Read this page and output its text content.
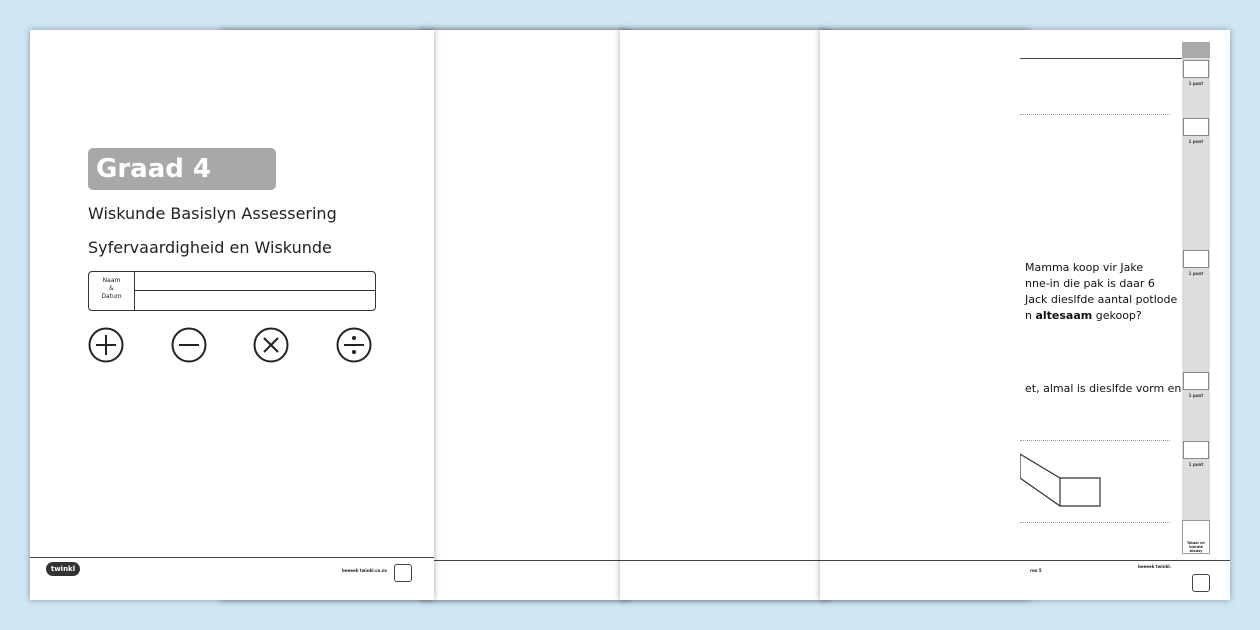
1 punt
1 punt
1 punt
1 punt
1 punt
Totaal vir hierdie bladsy
Mamma koop vir Jake
nne-in die pak is daar 6
Jack dieslfde aantal potlode
n altesaam gekoop?
et, almal is dieslfde vorm en
ren 5
beeeek twinkl.
Graad 4
Wiskunde Basislyn Assessering
Syfervaardigheid en Wiskunde
Naam
&
Datum
twinkl	beeeek twinkl.co.za
